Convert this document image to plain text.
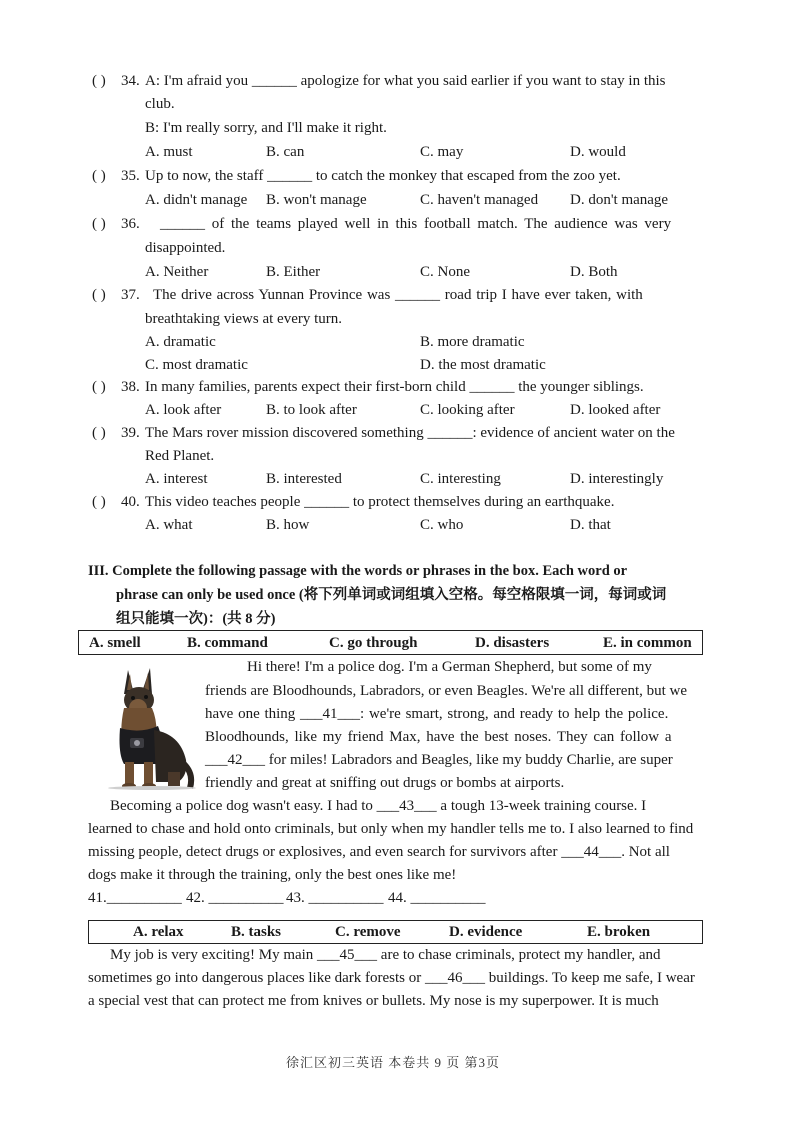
( ) 34. A: I'm afraid you ______ apologize for what you said earlier if you want to stay in this
club.
B: I'm really sorry, and I'll make it right.
A. must	B. can	C. may	D. would
( ) 35. Up to now, the staff ______ to catch the monkey that escaped from the zoo yet.
A. didn't manage B. won't manage	C. haven't managed D. don't manage
( ) 36. ______ of the teams played well in this football match. The audience was very
disappointed.
A. Neither	B. Either	C. None	D. Both
( ) 37. The drive across Yunnan Province was ______ road trip I have ever taken, with
breathtaking views at every turn.
A. dramatic	B. more dramatic
C. most dramatic	D. the most dramatic
( ) 38. In many families, parents expect their first-born child ______ the younger siblings.
A. look after	B. to look after	C. looking after	D. looked after
( ) 39. The Mars rover mission discovered something ______: evidence of ancient water on the
Red Planet.
A. interest	B. interested	C. interesting	D. interestingly
( ) 40. This video teaches people ______ to protect themselves during an earthquake.
A. what	B. how	C. who	D. that
III. Complete the following passage with the words or phrases in the box. Each word or
phrase can only be used once (将下列单词或词组填入空格。每空格限填一词，每词或词
组只能填一次)：(共 8 分)
A. smell	B. command	C. go through	D. disasters	E. in common
Hi there! I'm a police dog. I'm a German Shepherd, but some of my
friends are Bloodhounds, Labradors, or even Beagles. We're all different, but we
have one thing ___41___: we're smart, strong, and ready to help the police.
Bloodhounds, like my friend Max, have the best noses. They can follow a
___42___ for miles! Labradors and Beagles, like my buddy Charlie, are super
friendly and great at sniffing out drugs or bombs at airports.
Becoming a police dog wasn't easy. I had to ___43___ a tough 13-week training course. I
learned to chase and hold onto criminals, but only when my handler tells me to. I also learned to find
missing people, detect drugs or explosives, and even search for survivors after ___44___. Not all
dogs make it through the training, only the best ones like me!
41.__________ 42. __________ 43. __________ 44. __________
A. relax	B. tasks	C. remove	D. evidence	E. broken
My job is very exciting! My main ___45___ are to chase criminals, protect my handler, and
sometimes go into dangerous places like dark forests or ___46___ buildings. To keep me safe, I wear
a special vest that can protect me from knives or bullets. My nose is my superpower. It is much
徐汇区初三英语 本卷共 9 页 第3页
